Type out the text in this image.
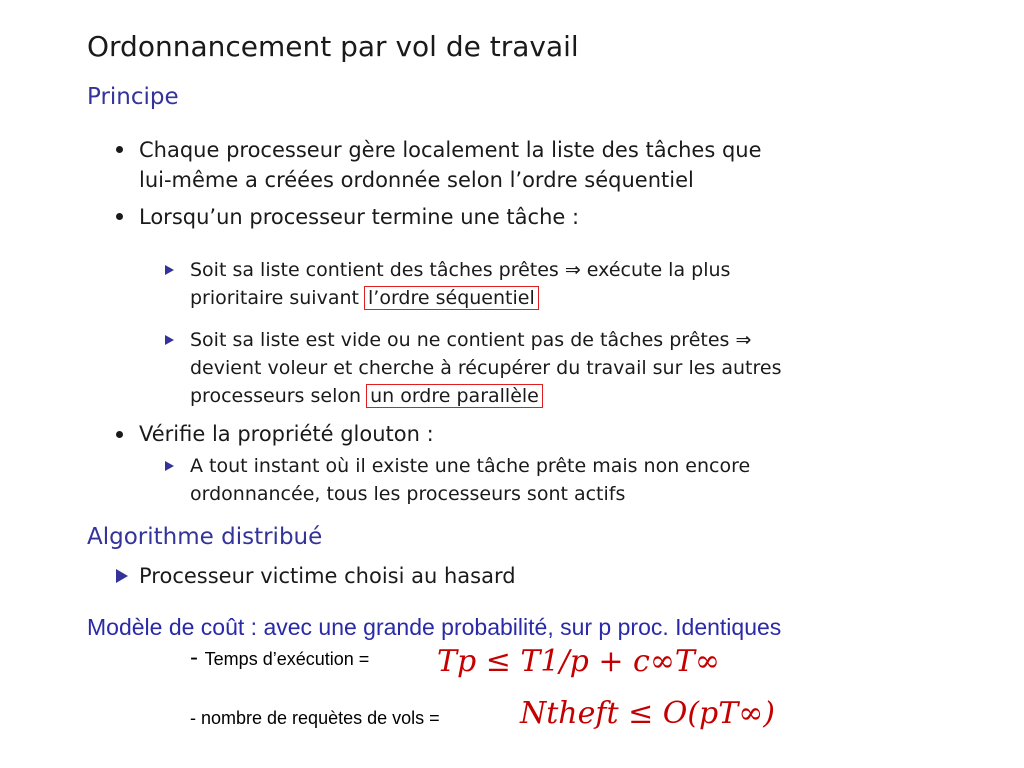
Ordonnancement par vol de travail
Principe
Chaque processeur gère localement la liste des tâches que
lui-même a créées ordonnée selon l’ordre séquentiel
Lorsqu’un processeur termine une tâche :
Soit sa liste contient des tâches prêtes ⇒ exécute la plus
prioritaire suivant l’ordre séquentiel
Soit sa liste est vide ou ne contient pas de tâches prêtes ⇒
devient voleur et cherche à récupérer du travail sur les autres
processeurs selon un ordre parallèle
Vérifie la propriété glouton :
A tout instant où il existe une tâche prête mais non encore
ordonnancée, tous les processeurs sont actifs
Algorithme distribué
Processeur victime choisi au hasard
Modèle de coût : avec une grande probabilité, sur p proc. Identiques
- Temps d’exécution = Tp ≤ T1/p + c∞T∞
- nombre de requètes de vols =	Ntheft ≤ O(pT∞)
